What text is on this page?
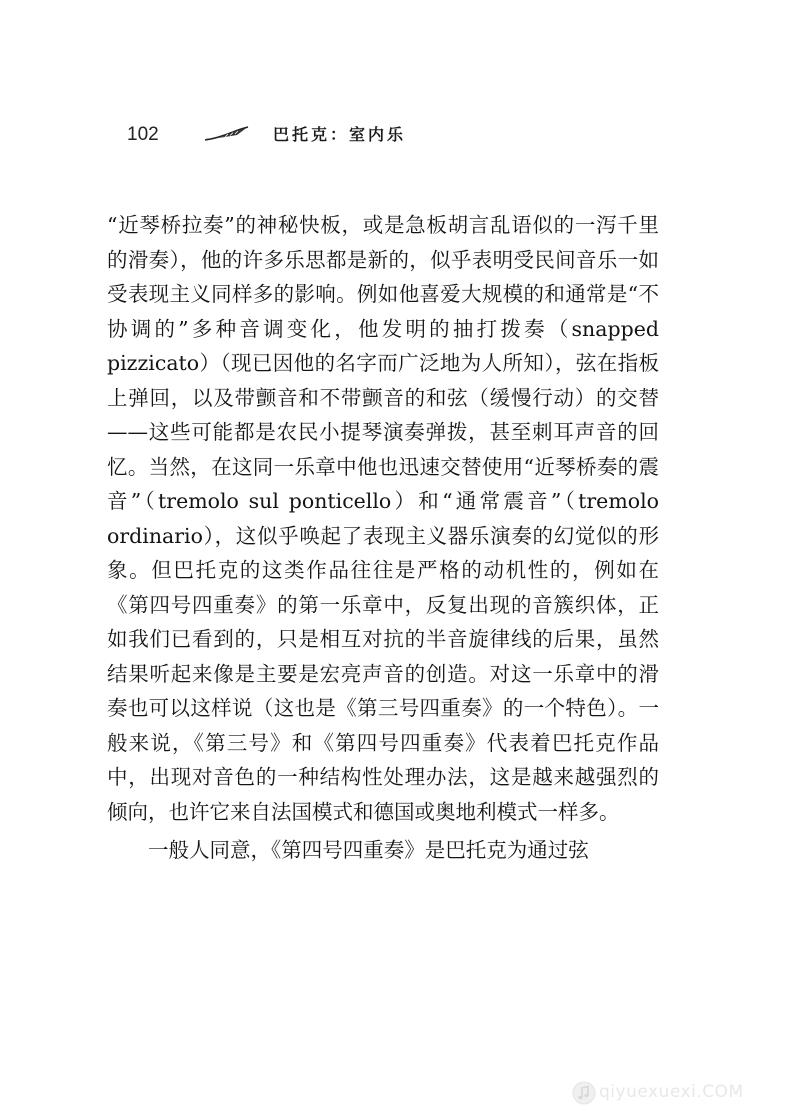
102	巴托克：室内乐

“近琴桥拉奏”的神秘快板，或是急板胡言乱语似的一泻千里的滑奏），他的许多乐思都是新的，似乎表明受民间音乐一如受表现主义同样多的影响。例如他喜爱大规模的和通常是“不协调的”多种音调变化，他发明的抽打拨奏（snapped pizzicato）（现已因他的名字而广泛地为人所知），弦在指板上弹回，以及带颤音和不带颤音的和弦（缓慢行动）的交替——这些可能都是农民小提琴演奏弹拨，甚至刺耳声音的回忆。当然，在这同一乐章中他也迅速交替使用“近琴桥奏的震音”（tremolo sul ponticello）和“通常震音”（tremolo ordinario），这似乎唤起了表现主义器乐演奏的幻觉似的形象。但巴托克的这类作品往往是严格的动机性的，例如在《第四号四重奏》的第一乐章中，反复出现的音簇织体，正如我们已看到的，只是相互对抗的半音旋律线的后果，虽然结果听起来像是主要是宏亮声音的创造。对这一乐章中的滑奏也可以这样说（这也是《第三号四重奏》的一个特色）。一般来说，《第三号》和《第四号四重奏》代表着巴托克作品中，出现对音色的一种结构性处理办法，这是越来越强烈的倾向，也许它来自法国模式和德国或奥地利模式一样多。

一般人同意，《第四号四重奏》是巴托克为通过弦

qiyuexuexi.COM
